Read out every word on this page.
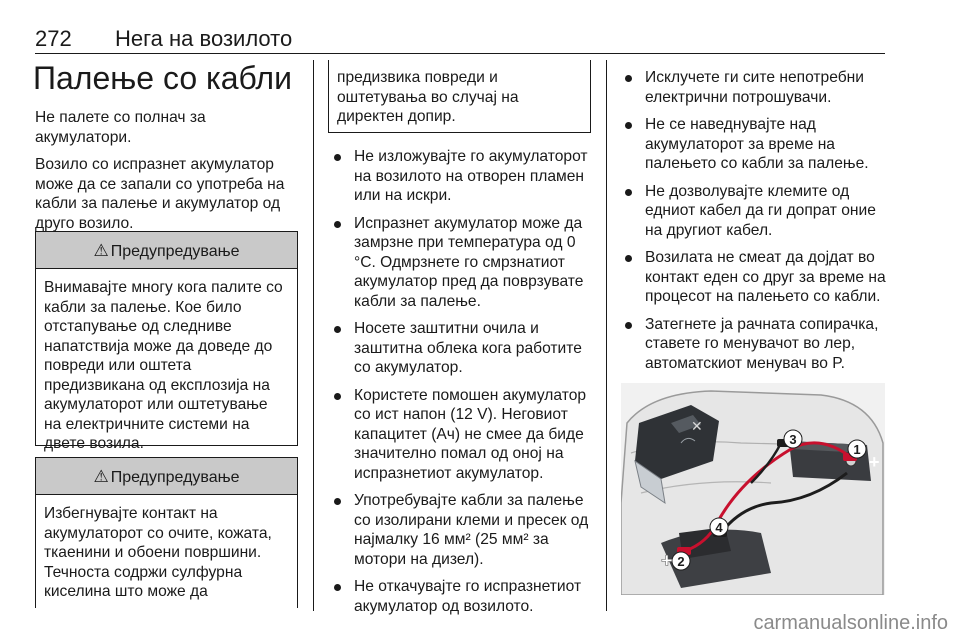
272 Нега на возилото
Палење со кабли

Не палете со полнач за акумулатори.

Возило со испразнет акумулатор може да се запали со употреба на кабли за палење и акумулатор од друго возило.

⚠ Предупредување
Внимавајте многу кога палите со кабли за палење. Кое било отстапување од следниве напатствија може да доведе до повреди или оштета предизвикана од експлозија на акумулаторот или оштетување на електричните системи на двете возила.
⚠ Предупредување
Избегнувајте контакт на акумулаторот со очите, кожата, ткаенини и обоени површини. Течноста содржи сулфурна киселина што може да
предизвика повреди и оштетувања во случај на директен допир.
Не изложувајте го акумулаторот на возилото на отворен пламен или на искри.
Испразнет акумулатор може да замрзне при температура од 0 °C. Одмрзнете го смрзнатиот акумулатор пред да поврзувате кабли за палење.
Носете заштитни очила и заштитна облека кога работите со акумулатор.
Користете помошен акумулатор со ист напон (12 V). Неговиот капацитет (Ач) не смее да биде значително помал од оној на испразнетиот акумулатор.
Употребувајте кабли за палење со изолирани клеми и пресек од најмалку 16 мм² (25 мм² за мотори на дизел).
Не откачувајте го испразнетиот акумулатор од возилото.
Исклучете ги сите непотребни електрични потрошувачи.
Не се наведнувајте над акумулаторот за време на палењето со кабли за палење.
Не дозволувајте клемите од едниот кабел да ги допрат оние на другиот кабел.
Возилата не смеат да дојдат во контакт еден со друг за време на процесот на палењето со кабли.
Затегнете ја рачната сопирачка, ставете го менувачот во лер, автоматскиот менувач во P.
✕
1
+
3
4
2
+
carmanualsonline.info
